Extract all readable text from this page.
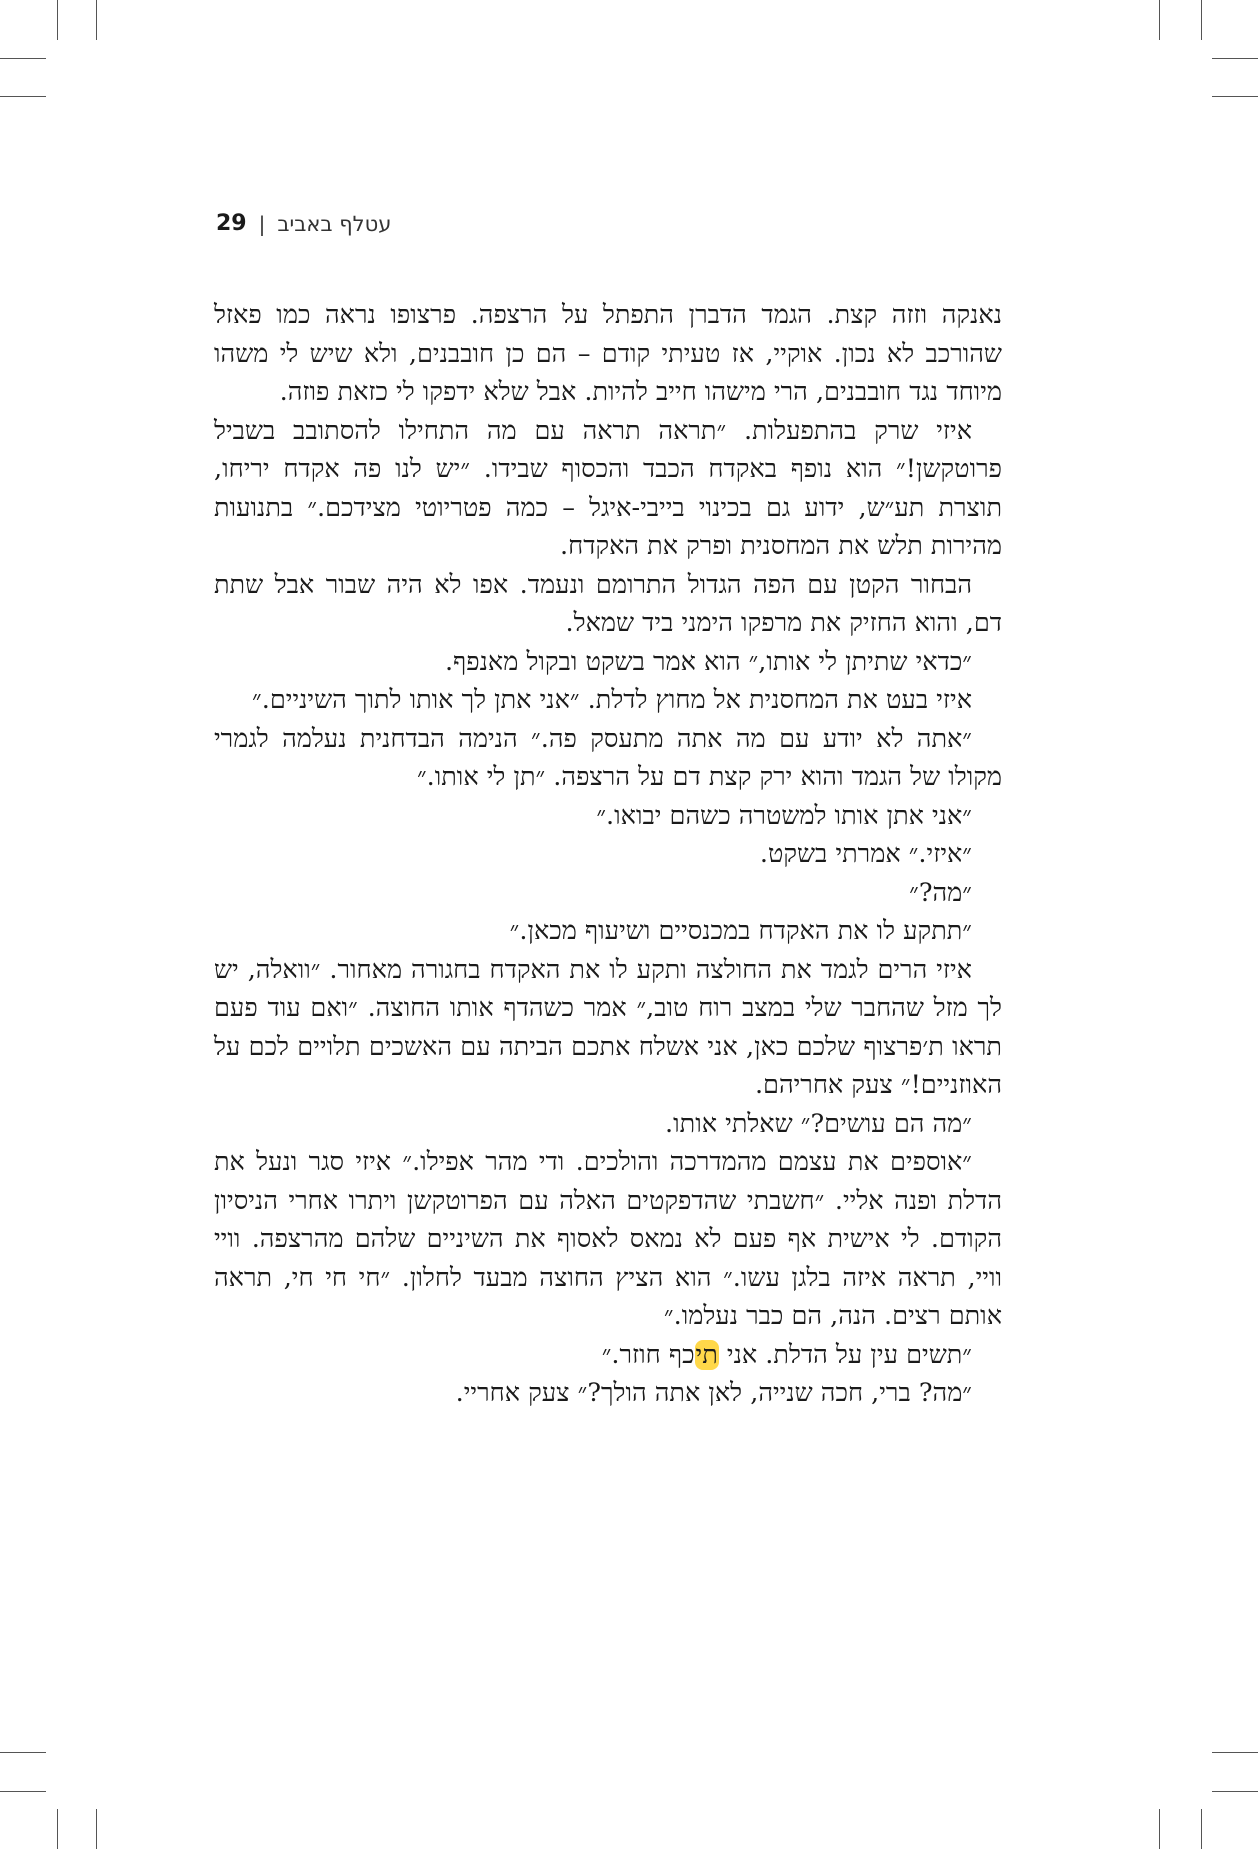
עטלף באביב
|
29

נאנקה וזזה קצת. הגמד הדברן התפתל על הרצפה. פרצופו נראה כמו פאזל שהורכב לא נכון. אוקיי, אז טעיתי קודם – הם כן חובבנים, ולא שיש לי משהו מיוחד נגד חובבנים, הרי מישהו חייב להיות. אבל שלא ידפקו לי כזאת פוזה.

איזי שרק בהתפעלות. ״תראה תראה עם מה התחילו להסתובב בשביל פרוטקשן!״ הוא נופף באקדח הכבד והכסוף שבידו. ״יש לנו פה אקדח יריחו, תוצרת תע״ש, ידוע גם בכינוי בייבי-איגל – כמה פטריוטי מצידכם.״ בתנועות מהירות תלש את המחסנית ופרק את האקדח.

הבחור הקטן עם הפה הגדול התרומם ונעמד. אפו לא היה שבור אבל שתת דם, והוא החזיק את מרפקו הימני ביד שמאל.

״כדאי שתיתן לי אותו,״ הוא אמר בשקט ובקול מאנפף.

איזי בעט את המחסנית אל מחוץ לדלת. ״אני אתן לך אותו לתוך השיניים.״

״אתה לא יודע עם מה אתה מתעסק פה.״ הנימה הבדחנית נעלמה לגמרי מקולו של הגמד והוא ירק קצת דם על הרצפה. ״תן לי אותו.״

״אני אתן אותו למשטרה כשהם יבואו.״

״איזי.״ אמרתי בשקט.

״מה?״

״תתקע לו את האקדח במכנסיים ושיעוף מכאן.״

איזי הרים לגמד את החולצה ותקע לו את האקדח בחגורה מאחור. ״וואלה, יש לך מזל שהחבר שלי במצב רוח טוב,״ אמר כשהדף אותו החוצה. ״ואם עוד פעם תראו ת׳פרצוף שלכם כאן, אני אשלח אתכם הביתה עם האשכים תלויים לכם על האוזניים!״ צעק אחריהם.

״מה הם עושים?״ שאלתי אותו.

״אוספים את עצמם מהמדרכה והולכים. ודי מהר אפילו.״ איזי סגר ונעל את הדלת ופנה אליי. ״חשבתי שהדפקטים האלה עם הפרוטקשן ויתרו אחרי הניסיון הקודם. לי אישית אף פעם לא נמאס לאסוף את השיניים שלהם מהרצפה. וויי וויי, תראה איזה בלגן עשו.״ הוא הציץ החוצה מבעד לחלון. ״חי חי חי, תראה אותם רצים. הנה, הם כבר נעלמו.״

״תשים עין על הדלת. אני תיכף חוזר.״

״מה? ברי, חכה שנייה, לאן אתה הולך?״ צעק אחריי.
